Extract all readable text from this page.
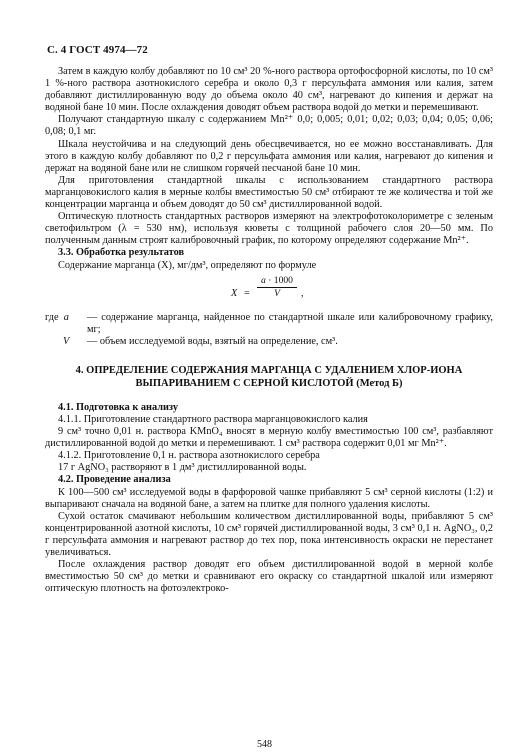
С. 4 ГОСТ 4974—72

Затем в каждую колбу добавляют по 10 см³ 20 %-ного раствора ортофосфорной кислоты, по 10 см³ 1 %-ного раствора азотнокислого серебра и около 0,3 г персульфата аммония или калия, затем добавляют дистиллированную воду до объема около 40 см³, нагревают до кипения и держат на водяной бане 10 мин. После охлаждения доводят объем раствора водой до метки и перемешивают.

Получают стандартную шкалу с содержанием Mn²⁺ 0,0; 0,005; 0,01; 0,02; 0,03; 0,04; 0,05; 0,06; 0,08; 0,1 мг.

Шкала неустойчива и на следующий день обесцвечивается, но ее можно восстанавливать. Для этого в каждую колбу добавляют по 0,2 г персульфата аммония или калия, нагревают до кипения и держат на водяной бане или не слишком горячей песчаной бане 10 мин.

Для приготовления стандартной шкалы с использованием стандартного раствора марганцовокислого калия в мерные колбы вместимостью 50 см³ отбирают те же количества и той же концентрации марганца и объем доводят до 50 см³ дистиллированной водой.

Оптическую плотность стандартных растворов измеряют на электрофотоколориметре с зеленым светофильтром (λ = 530 нм), используя кюветы с толщиной рабочего слоя 20—50 мм. По полученным данным строят калибровочный график, по которому определяют содержание Mn²⁺.

3.3. Обработка результатов

Содержание марганца (X), мг/дм³, определяют по формуле

$X = \frac{a \cdot 1000}{V}$ ,
где a — содержание марганца, найденное по стандартной шкале или калибровочному графику, мг;
V — объем исследуемой воды, взятый на определение, см³.
4. ОПРЕДЕЛЕНИЕ СОДЕРЖАНИЯ МАРГАНЦА С УДАЛЕНИЕМ ХЛОР-ИОНА ВЫПАРИВАНИЕМ С СЕРНОЙ КИСЛОТОЙ (Метод Б)

4.1. Подготовка к анализу

4.1.1. Приготовление стандартного раствора марганцовокислого калия

9 см³ точно 0,01 н. раствора KMnO₄ вносят в мерную колбу вместимостью 100 см³, разбавляют дистиллированной водой до метки и перемешивают. 1 см³ раствора содержит 0,01 мг Mn²⁺.

4.1.2. Приготовление 0,1 н. раствора азотнокислого серебра

17 г AgNO₃ растворяют в 1 дм³ дистиллированной воды.

4.2. Проведение анализа

К 100—500 см³ исследуемой воды в фарфоровой чашке прибавляют 5 см³ серной кислоты (1:2) и выпаривают сначала на водяной бане, а затем на плитке для полного удаления кислоты.

Сухой остаток смачивают небольшим количеством дистиллированной воды, прибавляют 5 см³ концентрированной азотной кислоты, 10 см³ горячей дистиллированной воды, 3 см³ 0,1 н. AgNO₃, 0,2 г персульфата аммония и нагревают раствор до тех пор, пока интенсивность окраски не перестанет увеличиваться.

После охлаждения раствор доводят его объем дистиллированной водой в мерной колбе вместимостью 50 см³ до метки и сравнивают его окраску со стандартной шкалой или измеряют оптическую плотность на фотоэлектроко-

548
